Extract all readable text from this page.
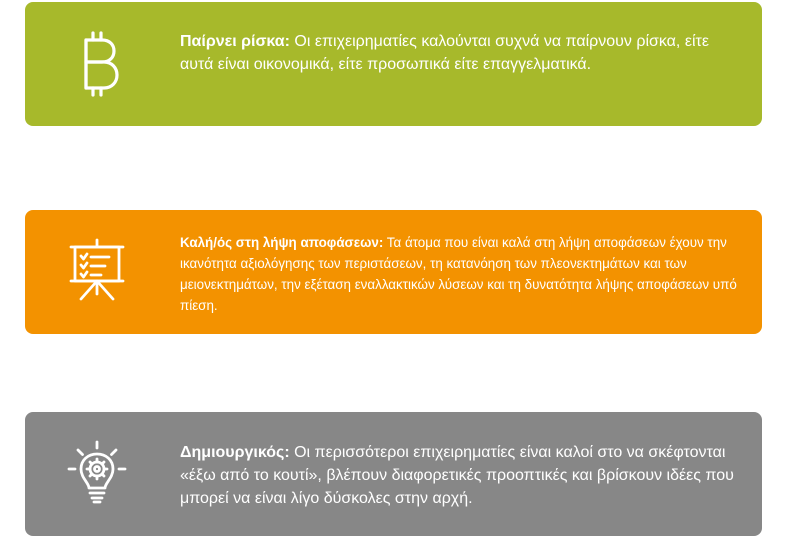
Παίρνει ρίσκα: Οι επιχειρηματίες καλούνται συχνά να παίρνουν ρίσκα, είτε αυτά είναι οικονομικά, είτε προσωπικά είτε επαγγελματικά.

Καλή/ός στη λήψη αποφάσεων: Τα άτομα που είναι καλά στη λήψη αποφάσεων έχουν την ικανότητα αξιολόγησης των περιστάσεων, τη κατανόηση των πλεονεκτημάτων και των μειονεκτημάτων, την εξέταση εναλλακτικών λύσεων και τη δυνατότητα λήψης αποφάσεων υπό πίεση.

Δημιουργικός: Οι περισσότεροι επιχειρηματίες είναι καλοί στο να σκέφτονται «έξω από το κουτί», βλέπουν διαφορετικές προοπτικές και βρίσκουν ιδέες που μπορεί να είναι λίγο δύσκολες στην αρχή.
